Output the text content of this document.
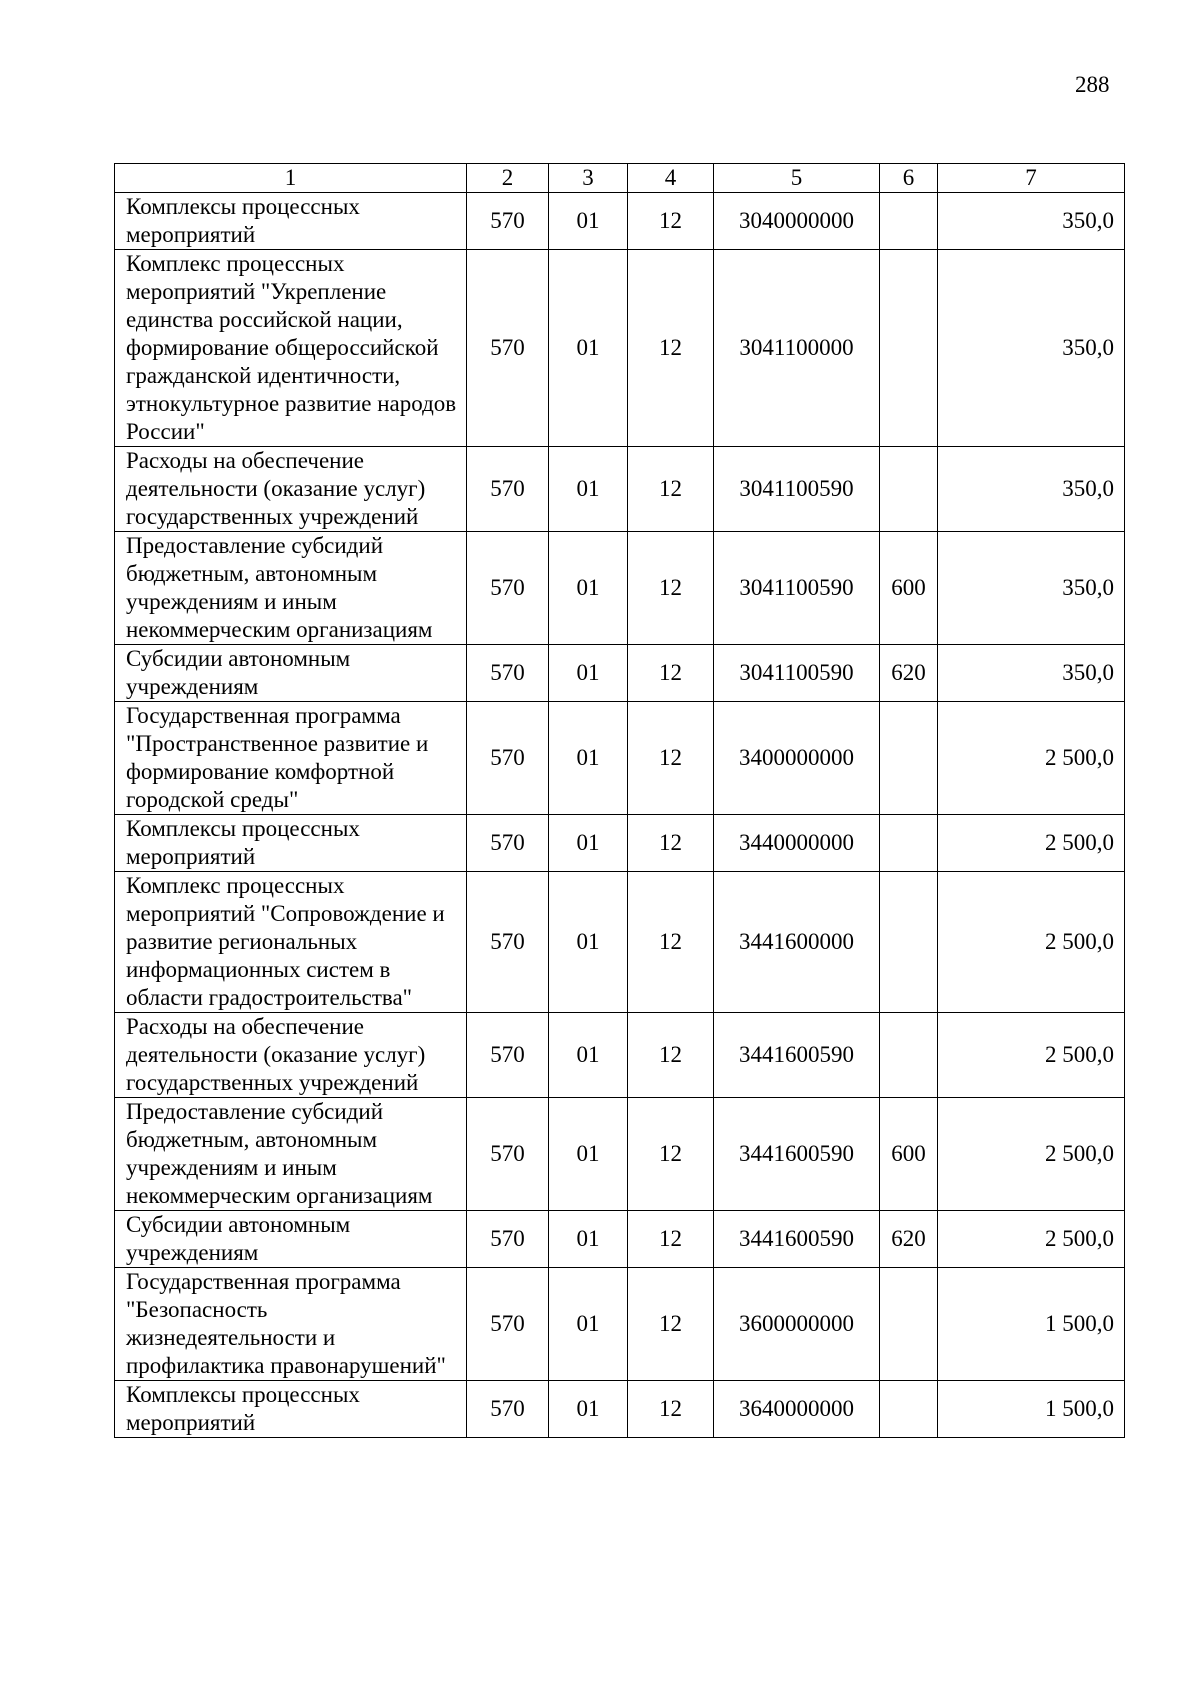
288
1	2	3	4	5	6	7
Комплексы процессных мероприятий	570	01	12	3040000000		350,0
Комплекс процессных мероприятий "Укрепление единства российской нации, формирование общероссийской гражданской идентичности, этнокультурное развитие народов России"	570	01	12	3041100000		350,0
Расходы на обеспечение деятельности (оказание услуг) государственных учреждений	570	01	12	3041100590		350,0
Предоставление субсидий бюджетным, автономным учреждениям и иным некоммерческим организациям	570	01	12	3041100590	600	350,0
Субсидии автономным учреждениям	570	01	12	3041100590	620	350,0
Государственная программа "Пространственное развитие и формирование комфортной городской среды"	570	01	12	3400000000		2 500,0
Комплексы процессных мероприятий	570	01	12	3440000000		2 500,0
Комплекс процессных мероприятий "Сопровождение и развитие региональных информационных систем в области градостроительства"	570	01	12	3441600000		2 500,0
Расходы на обеспечение деятельности (оказание услуг) государственных учреждений	570	01	12	3441600590		2 500,0
Предоставление субсидий бюджетным, автономным учреждениям и иным некоммерческим организациям	570	01	12	3441600590	600	2 500,0
Субсидии автономным учреждениям	570	01	12	3441600590	620	2 500,0
Государственная программа "Безопасность жизнедеятельности и профилактика правонарушений"	570	01	12	3600000000		1 500,0
Комплексы процессных мероприятий	570	01	12	3640000000		1 500,0
